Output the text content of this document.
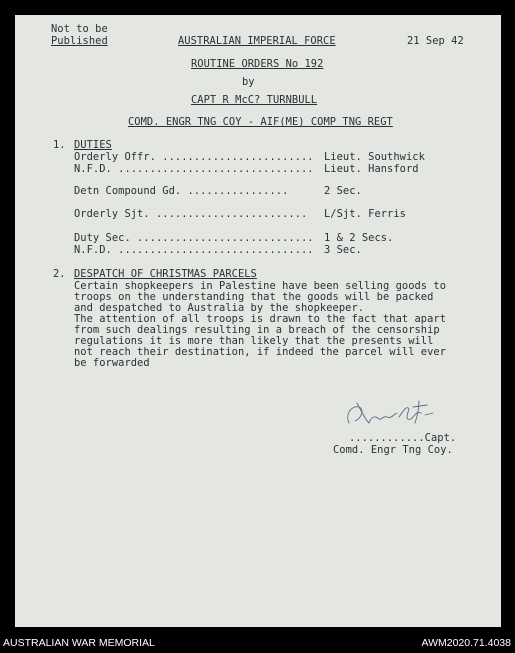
Not to be
Published	AUSTRALIAN IMPERIAL FORCE	21 Sep 42
ROUTINE ORDERS No 192
by
CAPT R McC? TURNBULL
COMD. ENGR TNG COY - AIF(ME) COMP TNG REGT
1. DUTIES
Orderly Offr. ........................ Lieut. Southwick
N.F.D. ............................... Lieut. Hansford
Detn Compound Gd. ................	2 Sec.
Orderly Sjt. ........................ L/Sjt. Ferris
Duty Sec. ............................ 1 & 2 Secs.
N.F.D. ............................... 3 Sec.
2. DESPATCH OF CHRISTMAS PARCELS
Certain shopkeepers in Palestine have been selling goods to
troops on the understanding that the goods will be packed
and despatched to Australia by the shopkeeper.
The attention of all troops is drawn to the fact that apart
from such dealings resulting in a breach of the censorship
regulations it is more than likely that the presents will
not reach their destination, if indeed the parcel will ever
be forwarded
............Capt.
Comd. Engr Tng Coy.
AUSTRALIAN WAR MEMORIAL	AWM2020.71.4038
